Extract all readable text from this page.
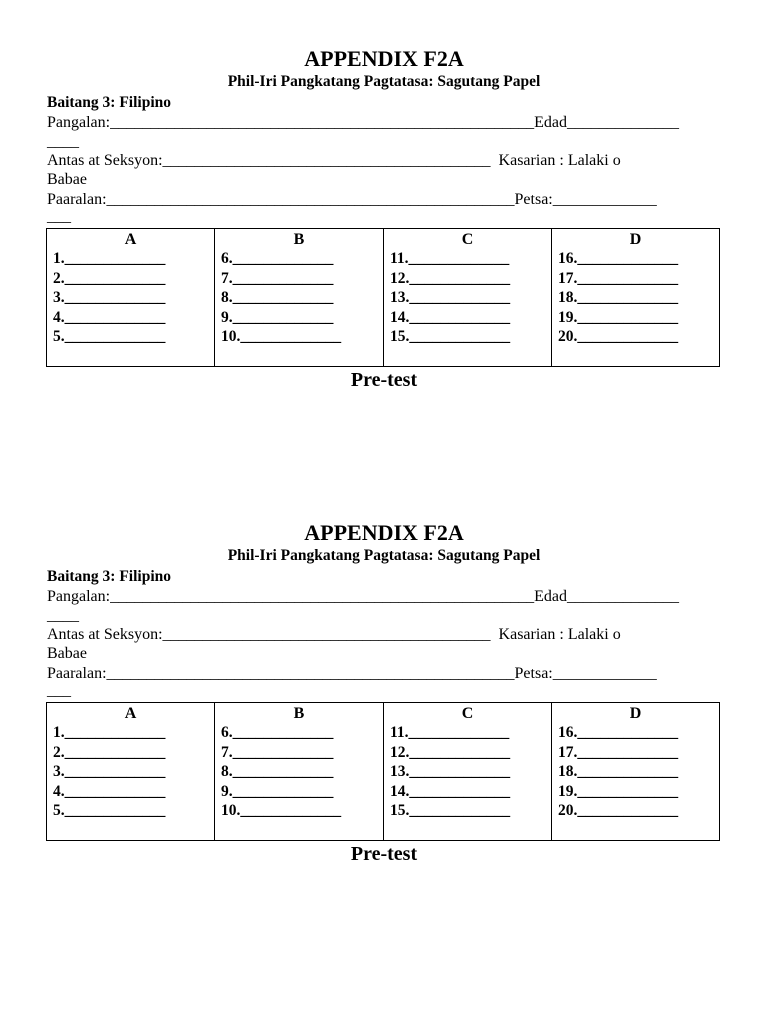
APPENDIX F2A
Phil-Iri Pangkatang Pagtatasa: Sagutang Papel
Baitang 3: Filipino
Pangalan:_____________________________________________________Edad______________
____
Antas at Seksyon:_________________________________________  Kasarian : Lalaki o
Babae
Paaralan:___________________________________________________Petsa:_____________
___
A
1._____________
2._____________
3._____________
4._____________
5._____________
B
6._____________
7._____________
8._____________
9._____________
10._____________
C
11._____________
12._____________
13._____________
14._____________
15._____________
D
16._____________
17._____________
18._____________
19._____________
20._____________
Pre-test
APPENDIX F2A
Phil-Iri Pangkatang Pagtatasa: Sagutang Papel
Baitang 3: Filipino
Pangalan:_____________________________________________________Edad______________
____
Antas at Seksyon:_________________________________________  Kasarian : Lalaki o
Babae
Paaralan:___________________________________________________Petsa:_____________
___
A
1._____________
2._____________
3._____________
4._____________
5._____________
B
6._____________
7._____________
8._____________
9._____________
10._____________
C
11._____________
12._____________
13._____________
14._____________
15._____________
D
16._____________
17._____________
18._____________
19._____________
20._____________
Pre-test
